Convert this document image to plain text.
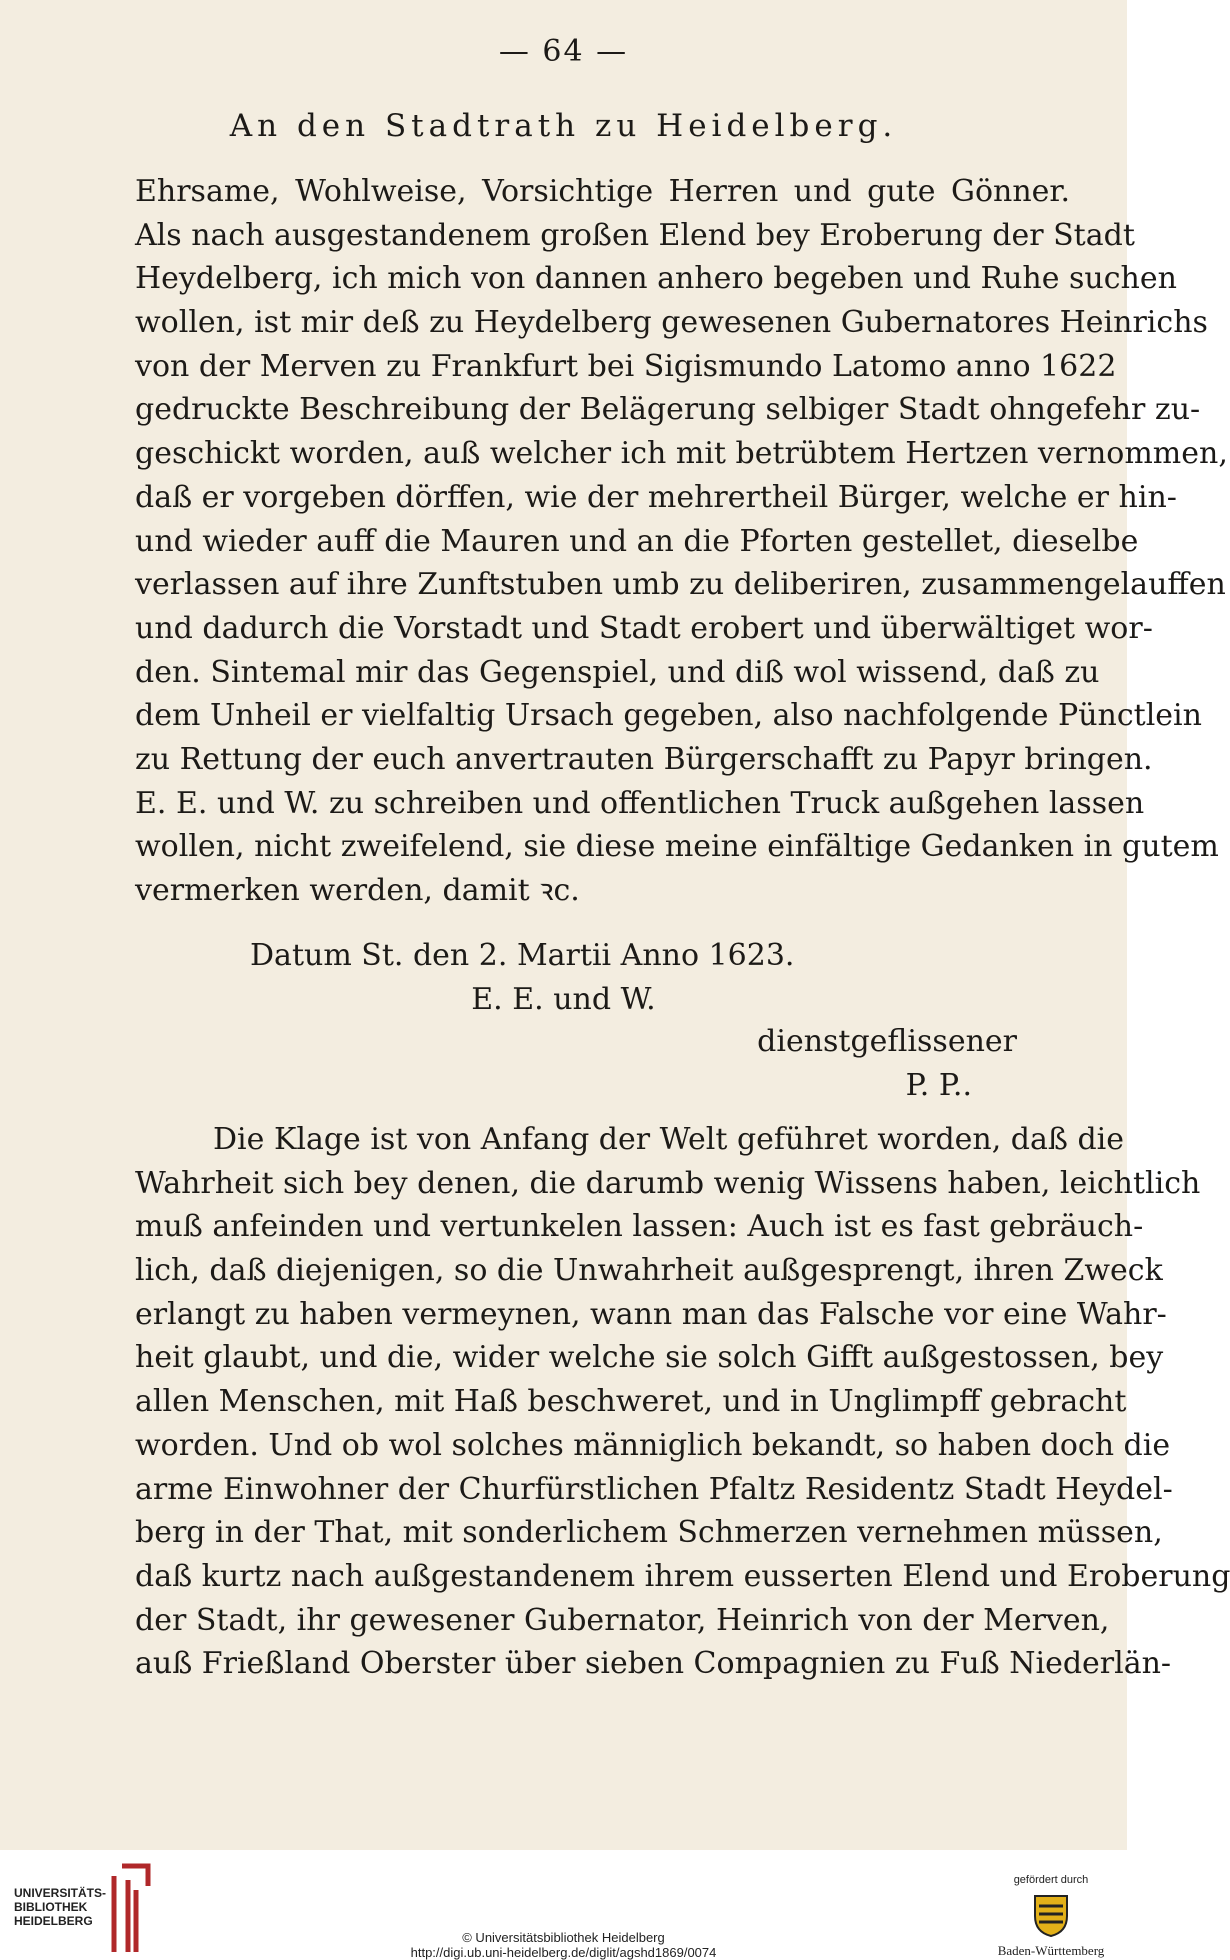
— 64 —
An den Stadtrath zu Heidelberg.
Ehrsame, Wohlweise, Vorsichtige Herren und gute Gönner.
Als nach ausgestandenem großen Elend bey Eroberung der Stadt
Heydelberg, ich mich von dannen anhero begeben und Ruhe suchen
wollen, ist mir deß zu Heydelberg gewesenen Gubernatores Heinrichs
von der Merven zu Frankfurt bei Sigismundo Latomo anno 1622
gedruckte Beschreibung der Belägerung selbiger Stadt ohngefehr zu-
geschickt worden, auß welcher ich mit betrübtem Hertzen vernommen,
daß er vorgeben dörffen, wie der mehrertheil Bürger, welche er hin-
und wieder auff die Mauren und an die Pforten gestellet, dieselbe
verlassen auf ihre Zunftstuben umb zu deliberiren, zusammengelauffen
und dadurch die Vorstadt und Stadt erobert und überwältiget wor-
den. Sintemal mir das Gegenspiel, und diß wol wissend, daß zu
dem Unheil er vielfaltig Ursach gegeben, also nachfolgende Pünctlein
zu Rettung der euch anvertrauten Bürgerschafft zu Papyr bringen.
E. E. und W. zu schreiben und offentlichen Truck außgehen lassen
wollen, nicht zweifelend, sie diese meine einfältige Gedanken in gutem
vermerken werden, damit ꝛc.
Datum St. den 2. Martii Anno 1623.
E. E. und W.
dienstgeflissener
P. P..
Die Klage ist von Anfang der Welt geführet worden, daß die
Wahrheit sich bey denen, die darumb wenig Wissens haben, leichtlich
muß anfeinden und vertunkelen lassen: Auch ist es fast gebräuch-
lich, daß diejenigen, so die Unwahrheit außgesprengt, ihren Zweck
erlangt zu haben vermeynen, wann man das Falsche vor eine Wahr-
heit glaubt, und die, wider welche sie solch Gifft außgestossen, bey
allen Menschen, mit Haß beschweret, und in Unglimpff gebracht
worden. Und ob wol solches männiglich bekandt, so haben doch die
arme Einwohner der Churfürstlichen Pfaltz Residentz Stadt Heydel-
berg in der That, mit sonderlichem Schmerzen vernehmen müssen,
daß kurtz nach außgestandenem ihrem eusserten Elend und Eroberung
der Stadt, ihr gewesener Gubernator, Heinrich von der Merven,
auß Frießland Oberster über sieben Compagnien zu Fuß Niederlän-
UNIVERSITÄTS-
BIBLIOTHEK
HEIDELBERG
© Universitätsbibliothek Heidelberg
http://digi.ub.uni-heidelberg.de/diglit/agshd1869/0074
gefördert durch
Baden-Württemberg
